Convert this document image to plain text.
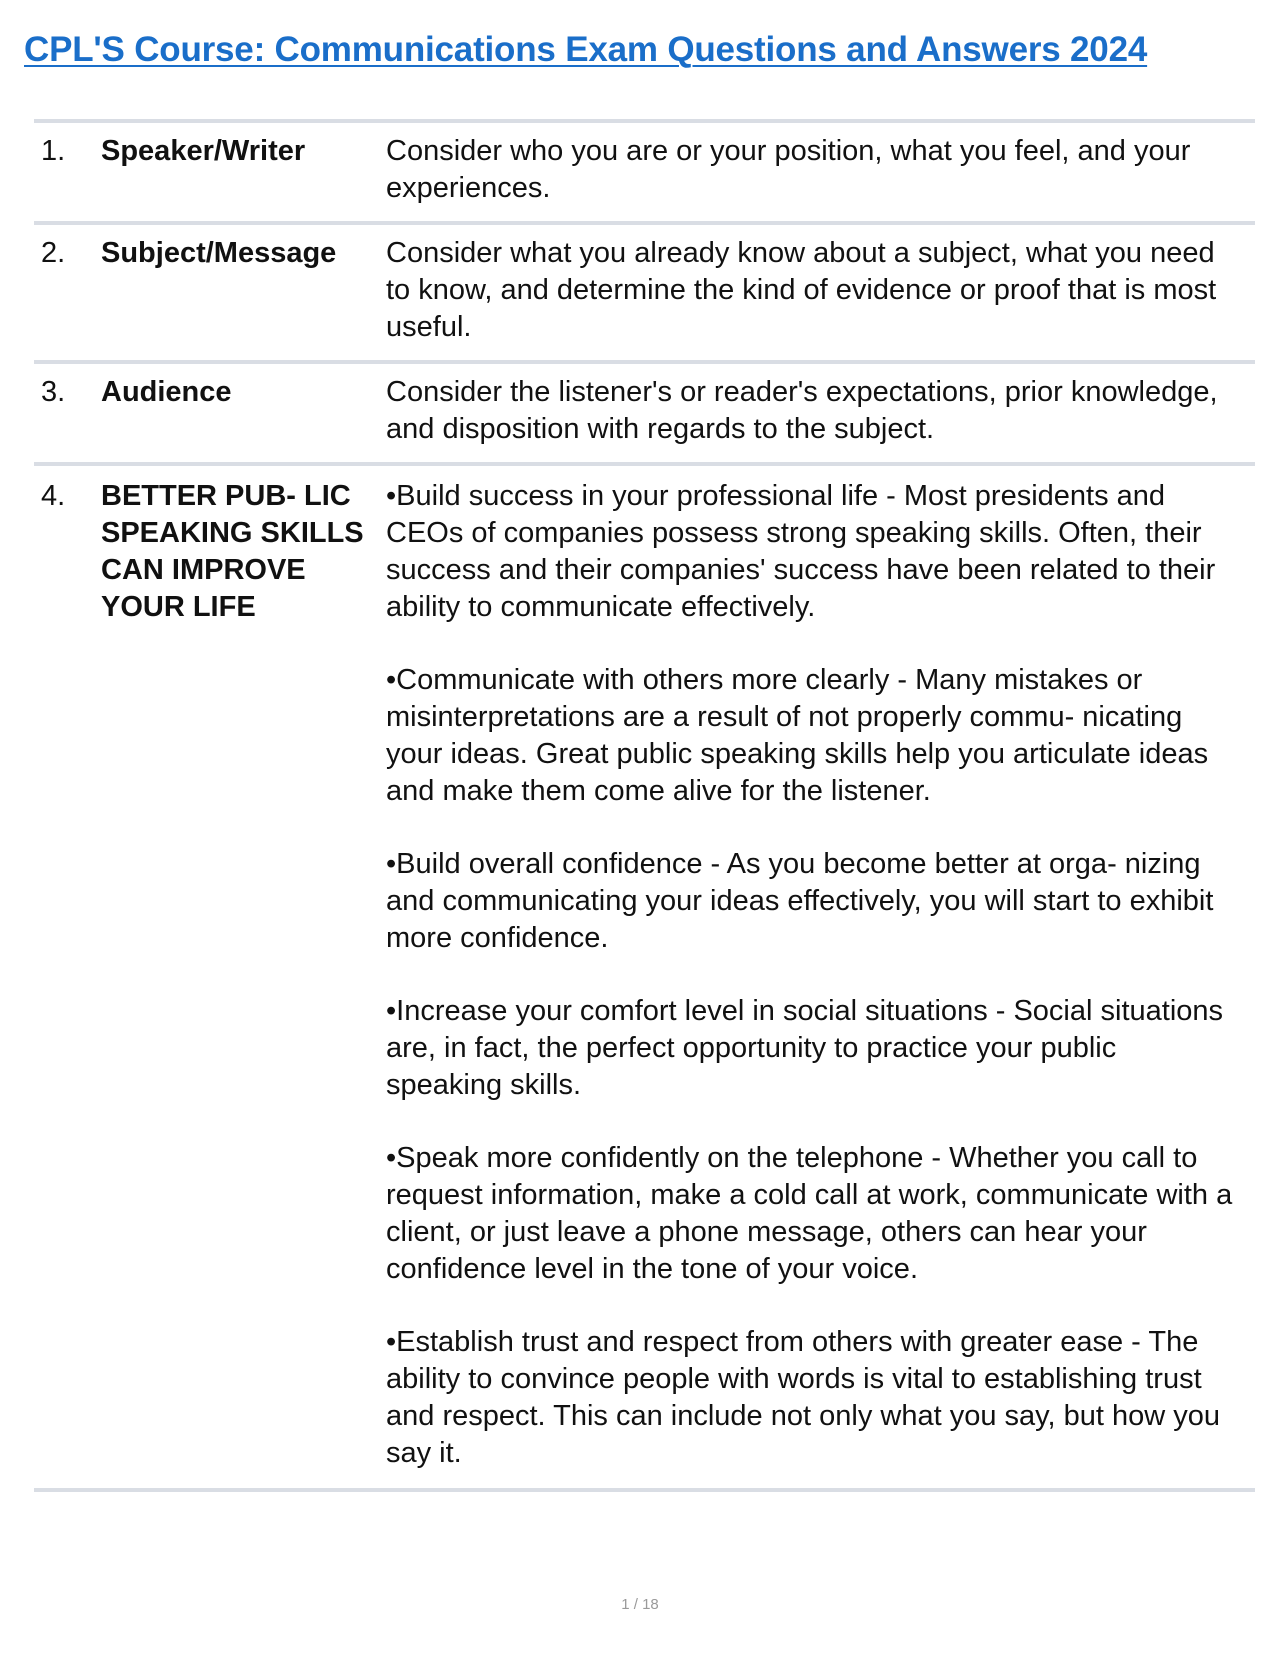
CPL'S Course: Communications Exam Questions and Answers 2024
1.	Speaker/Writer	Consider who you are or your position, what you feel, and your experiences.

2.	Subject/Message	Consider what you already know about a subject, what you need to know, and determine the kind of evidence or proof that is most useful.

3.	Audience	Consider the listener's or reader's expectations, prior knowledge, and disposition with regards to the subject.

4.	BETTER PUB- LIC SPEAKING SKILLS CAN IMPROVE YOUR LIFE

•Build success in your professional life - Most presidents and CEOs of companies possess strong speaking skills. Often, their success and their companies' success have been related to their ability to communicate effectively.

•Communicate with others more clearly - Many mistakes or misinterpretations are a result of not properly commu- nicating your ideas. Great public speaking skills help you articulate ideas and make them come alive for the listener.

•Build overall confidence - As you become better at orga- nizing and communicating your ideas effectively, you will start to exhibit more confidence.

•Increase your comfort level in social situations - Social situations are, in fact, the perfect opportunity to practice your public speaking skills.

•Speak more confidently on the telephone - Whether you call to request information, make a cold call at work, communicate with a client, or just leave a phone message, others can hear your confidence level in the tone of your voice.

•Establish trust and respect from others with greater ease - The ability to convince people with words is vital to establishing trust and respect. This can include not only what you say, but how you say it.

1 / 18
